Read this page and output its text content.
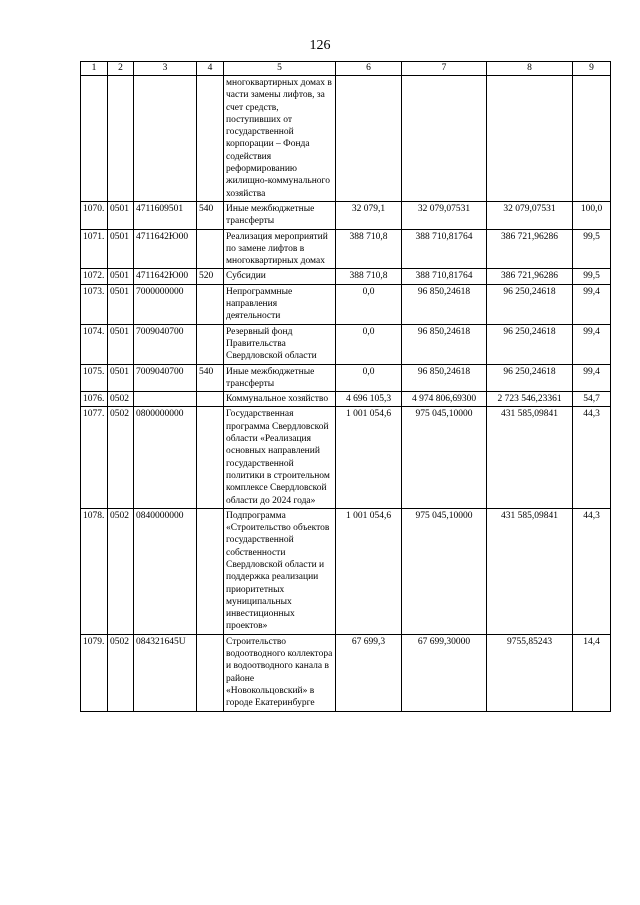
126
1	2	3	4	5	6	7	8	9
				многоквартирных домах в части замены лифтов, за счет средств, поступивших от государственной корпорации – Фонда содействия реформированию жилищно-коммунального хозяйства				
1070.	0501	4711609501	540	Иные межбюджетные трансферты	32 079,1	32 079,07531	32 079,07531	100,0
1071.	0501	4711642Ю00		Реализация мероприятий по замене лифтов в многоквартирных домах	388 710,8	388 710,81764	386 721,96286	99,5
1072.	0501	4711642Ю00	520	Субсидии	388 710,8	388 710,81764	386 721,96286	99,5
1073.	0501	7000000000		Непрограммные направления деятельности	0,0	96 850,24618	96 250,24618	99,4
1074.	0501	7009040700		Резервный фонд Правительства Свердловской области	0,0	96 850,24618	96 250,24618	99,4
1075.	0501	7009040700	540	Иные межбюджетные трансферты	0,0	96 850,24618	96 250,24618	99,4
1076.	0502			Коммунальное хозяйство	4 696 105,3	4 974 806,69300	2 723 546,23361	54,7
1077.	0502	0800000000		Государственная программа Свердловской области «Реализация основных направлений государственной политики в строительном комплексе Свердловской области до 2024 года»	1 001 054,6	975 045,10000	431 585,09841	44,3
1078.	0502	0840000000		Подпрограмма «Строительство объектов государственной собственности Свердловской области и поддержка реализации приоритетных муниципальных инвестиционных проектов»	1 001 054,6	975 045,10000	431 585,09841	44,3
1079.	0502	084321645U		Строительство водоотводного коллектора и водоотводного канала в районе «Новокольцовский» в городе Екатеринбурге	67 699,3	67 699,30000	9755,85243	14,4
